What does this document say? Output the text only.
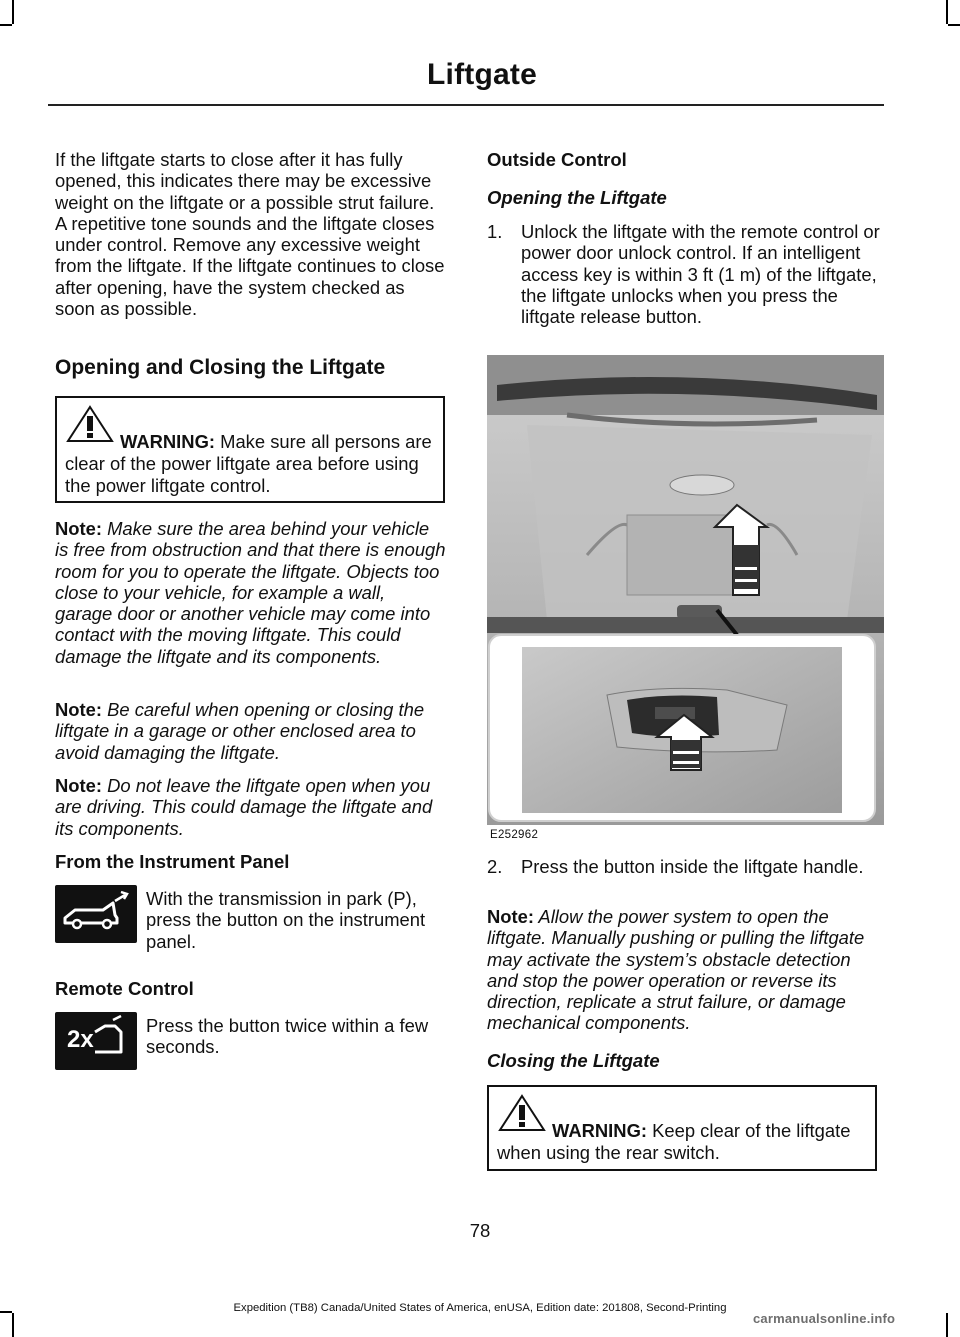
Liftgate

If the liftgate starts to close after it has fully opened, this indicates there may be excessive weight on the liftgate or a possible strut failure. A repetitive tone sounds and the liftgate closes under control. Remove any excessive weight from the liftgate. If the liftgate continues to close after opening, have the system checked as soon as possible.

Opening and Closing the Liftgate
WARNING: Make sure all persons are clear of the power liftgate area before using the power liftgate control.

Note: Make sure the area behind your vehicle is free from obstruction and that there is enough room for you to operate the liftgate. Objects too close to your vehicle, for example a wall, garage door or another vehicle may come into contact with the moving liftgate. This could damage the liftgate and its components.

Note: Be careful when opening or closing the liftgate in a garage or other enclosed area to avoid damaging the liftgate.

Note: Do not leave the liftgate open when you are driving. This could damage the liftgate and its components.

From the Instrument Panel

With the transmission in park (P), press the button on the instrument panel.

Remote Control
2x

Press the button twice within a few seconds.

Outside Control
Opening the Liftgate
1. Unlock the liftgate with the remote control or power door unlock control. If an intelligent access key is within 3 ft (1 m) of the liftgate, the liftgate unlocks when you press the liftgate release button.

E252962
2. Press the button inside the liftgate handle.

Note: Allow the power system to open the liftgate. Manually pushing or pulling the liftgate may activate the system’s obstacle detection and stop the power operation or reverse its direction, replicate a strut failure, or damage mechanical components.

Closing the Liftgate
WARNING: Keep clear of the liftgate when using the rear switch.
78
Expedition (TB8) Canada/United States of America, enUSA, Edition date: 201808, Second-Printing
carmanualsonline.info
